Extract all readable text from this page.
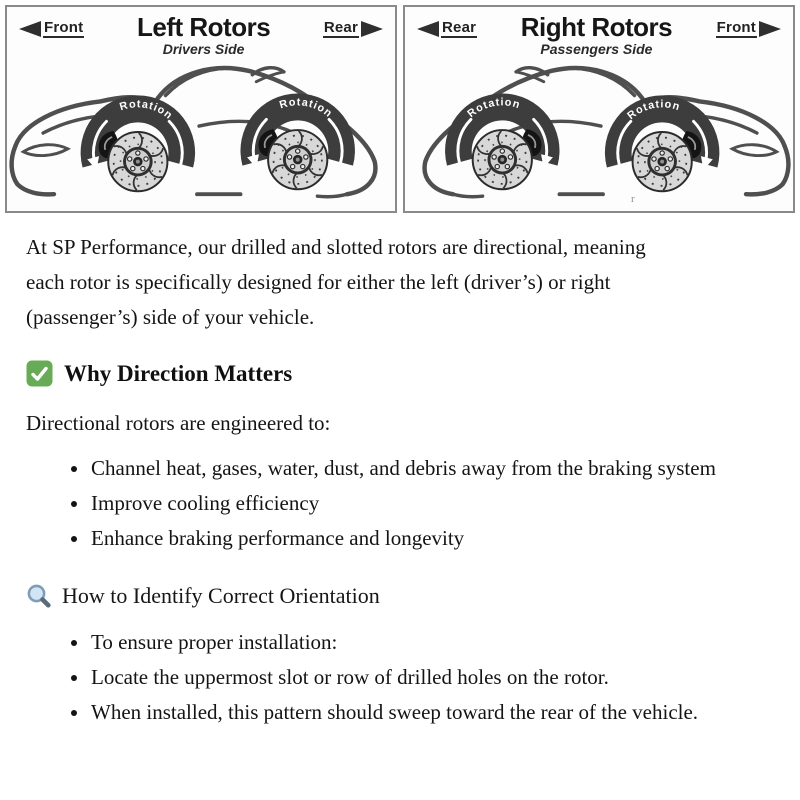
Front Left Rotors
Drivers Side
Rear
Rotation
Rotation
Rear Right Rotors
Passengers Side
Front
Rotation
Rotation
r

At SP Performance, our drilled and slotted rotors are directional, meaning each rotor is specifically designed for either the left (driver’s) or right (passenger’s) side of your vehicle.

Why Direction Matters

Directional rotors are engineered to:

• Channel heat, gases, water, dust, and debris away from the braking system
• Improve cooling efficiency
• Enhance braking performance and longevity
How to Identify Correct Orientation
• To ensure proper installation:
• Locate the uppermost slot or row of drilled holes on the rotor.
• When installed, this pattern should sweep toward the rear of the vehicle.
